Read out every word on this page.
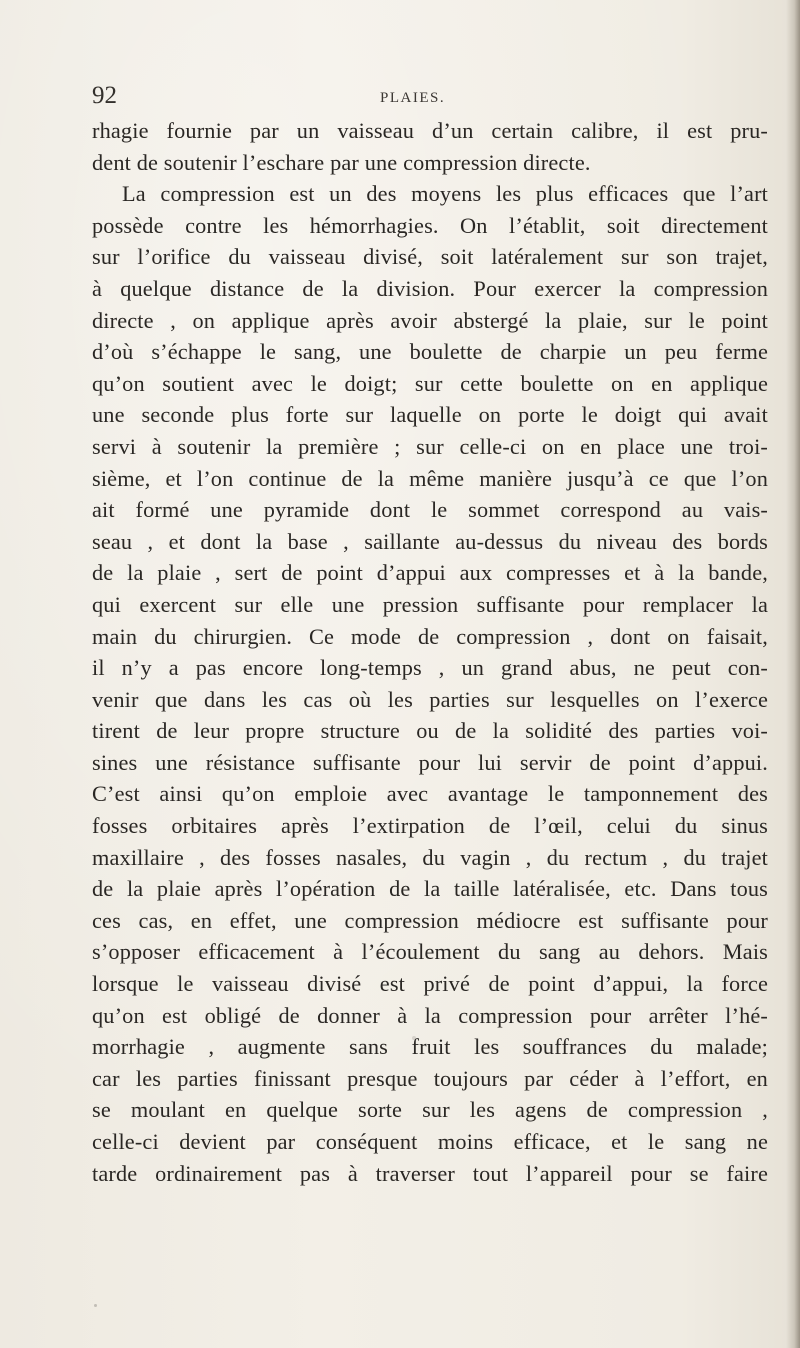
92	PLAIES.
rhagie fournie par un vaisseau d’un certain calibre, il est pru-
dent de soutenir l’eschare par une compression directe.
La compression est un des moyens les plus efficaces que l’art
possède contre les hémorrhagies. On l’établit, soit directement
sur l’orifice du vaisseau divisé, soit latéralement sur son trajet,
à quelque distance de la division. Pour exercer la compression
directe , on applique après avoir abstergé la plaie, sur le point
d’où s’échappe le sang, une boulette de charpie un peu ferme
qu’on soutient avec le doigt; sur cette boulette on en applique
une seconde plus forte sur laquelle on porte le doigt qui avait
servi à soutenir la première ; sur celle-ci on en place une troi-
sième, et l’on continue de la même manière jusqu’à ce que l’on
ait formé une pyramide dont le sommet correspond au vais-
seau , et dont la base , saillante au-dessus du niveau des bords
de la plaie , sert de point d’appui aux compresses et à la bande,
qui exercent sur elle une pression suffisante pour remplacer la
main du chirurgien. Ce mode de compression , dont on faisait,
il n’y a pas encore long-temps , un grand abus, ne peut con-
venir que dans les cas où les parties sur lesquelles on l’exerce
tirent de leur propre structure ou de la solidité des parties voi-
sines une résistance suffisante pour lui servir de point d’appui.
C’est ainsi qu’on emploie avec avantage le tamponnement des
fosses orbitaires après l’extirpation de l’œil, celui du sinus
maxillaire , des fosses nasales, du vagin , du rectum , du trajet
de la plaie après l’opération de la taille latéralisée, etc. Dans tous
ces cas, en effet, une compression médiocre est suffisante pour
s’opposer efficacement à l’écoulement du sang au dehors. Mais
lorsque le vaisseau divisé est privé de point d’appui, la force
qu’on est obligé de donner à la compression pour arrêter l’hé-
morrhagie , augmente sans fruit les souffrances du malade;
car les parties finissant presque toujours par céder à l’effort, en
se moulant en quelque sorte sur les agens de compression ,
celle-ci devient par conséquent moins efficace, et le sang ne
tarde ordinairement pas à traverser tout l’appareil pour se faire
